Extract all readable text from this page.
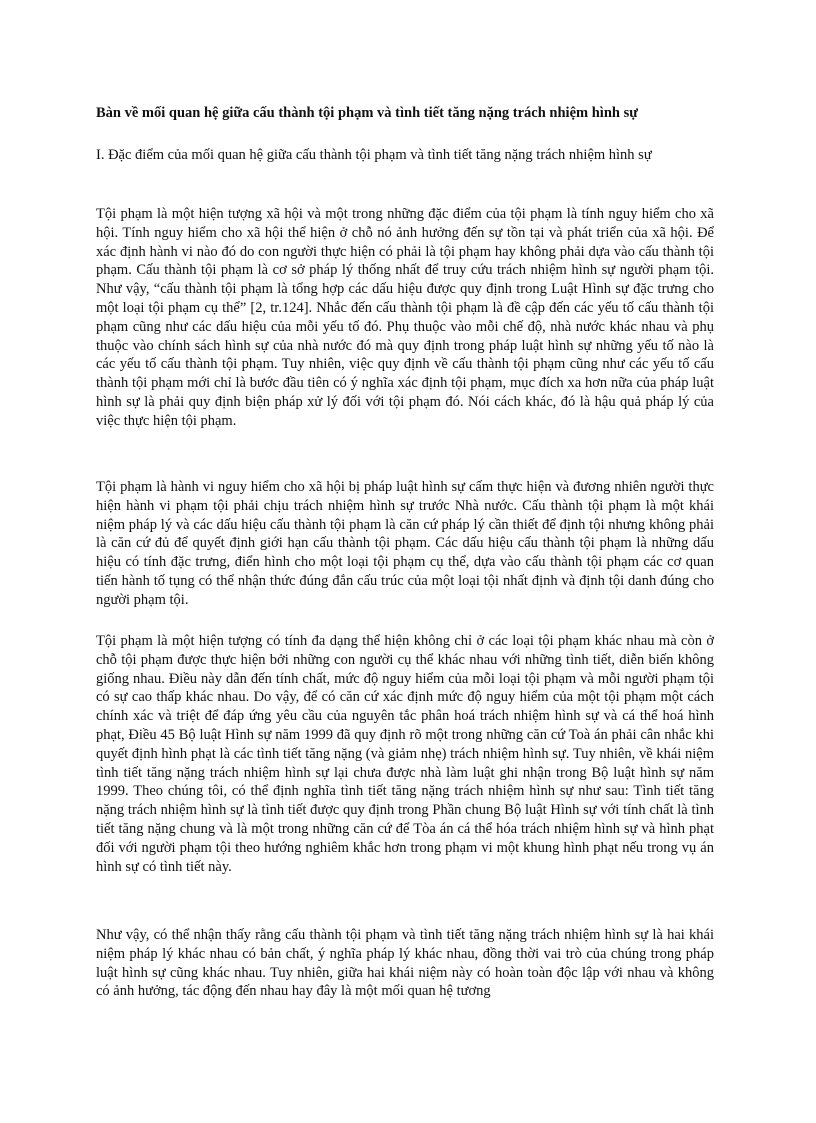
Bàn về mối quan hệ giữa cấu thành tội phạm và tình tiết tăng nặng trách nhiệm hình sự
I. Đặc điểm của mối quan hệ giữa cấu thành tội phạm và tình tiết tăng nặng trách nhiệm hình sự

Tội phạm là một hiện tượng xã hội và một trong những đặc điểm của tội phạm là tính nguy hiểm cho xã hội. Tính nguy hiểm cho xã hội thể hiện ở chỗ nó ảnh hưởng đến sự tồn tại và phát triển của xã hội. Để xác định hành vi nào đó do con người thực hiện có phải là tội phạm hay không phải dựa vào cấu thành tội phạm. Cấu thành tội phạm là cơ sở pháp lý thống nhất để truy cứu trách nhiệm hình sự người phạm tội. Như vậy, “cấu thành tội phạm là tổng hợp các dấu hiệu được quy định trong Luật Hình sự đặc trưng cho một loại tội phạm cụ thể” [2, tr.124]. Nhắc đến cấu thành tội phạm là đề cập đến các yếu tố cấu thành tội phạm cũng như các dấu hiệu của mỗi yếu tố đó. Phụ thuộc vào mỗi chế độ, nhà nước khác nhau và phụ thuộc vào chính sách hình sự của nhà nước đó mà quy định trong pháp luật hình sự những yếu tố nào là các yếu tố cấu thành tội phạm. Tuy nhiên, việc quy định về cấu thành tội phạm cũng như các yếu tố cấu thành tội phạm mới chỉ là bước đầu tiên có ý nghĩa xác định tội phạm, mục đích xa hơn nữa của pháp luật hình sự là phải quy định biện pháp xử lý đối với tội phạm đó. Nói cách khác, đó là hậu quả pháp lý của việc thực hiện tội phạm.

Tội phạm là hành vi nguy hiểm cho xã hội bị pháp luật hình sự cấm thực hiện và đương nhiên người thực hiện hành vi phạm tội phải chịu trách nhiệm hình sự trước Nhà nước. Cấu thành tội phạm là một khái niệm pháp lý và các dấu hiệu cấu thành tội phạm là căn cứ pháp lý cần thiết để định tội nhưng không phải là căn cứ đủ để quyết định giới hạn cấu thành tội phạm. Các dấu hiệu cấu thành tội phạm là những dấu hiệu có tính đặc trưng, điển hình cho một loại tội phạm cụ thể, dựa vào cấu thành tội phạm các cơ quan tiến hành tố tụng có thể nhận thức đúng đắn cấu trúc của một loại tội nhất định và định tội danh đúng cho người phạm tội.

Tội phạm là một hiện tượng có tính đa dạng thể hiện không chỉ ở các loại tội phạm khác nhau mà còn ở chỗ tội phạm được thực hiện bởi những con người cụ thể khác nhau với những tình tiết, diễn biến không giống nhau. Điều này dẫn đến tính chất, mức độ nguy hiểm của mỗi loại tội phạm và mỗi người phạm tội có sự cao thấp khác nhau. Do vậy, để có căn cứ xác định mức độ nguy hiểm của một tội phạm một cách chính xác và triệt để đáp ứng yêu cầu của nguyên tắc phân hoá trách nhiệm hình sự và cá thể hoá hình phạt, Điều 45 Bộ luật Hình sự năm 1999 đã quy định rõ một trong những căn cứ Toà án phải cân nhắc khi quyết định hình phạt là các tình tiết tăng nặng (và giảm nhẹ) trách nhiệm hình sự. Tuy nhiên, về khái niệm tình tiết tăng nặng trách nhiệm hình sự lại chưa được nhà làm luật ghi nhận trong Bộ luật hình sự năm 1999. Theo chúng tôi, có thể định nghĩa tình tiết tăng nặng trách nhiệm hình sự như sau: Tình tiết tăng nặng trách nhiệm hình sự là tình tiết được quy định trong Phần chung Bộ luật Hình sự với tính chất là tình tiết tăng nặng chung và là một trong những căn cứ để Tòa án cá thể hóa trách nhiệm hình sự và hình phạt đối với người phạm tội theo hướng nghiêm khắc hơn trong phạm vi một khung hình phạt nếu trong vụ án hình sự có tình tiết này.

Như vậy, có thể nhận thấy rằng cấu thành tội phạm và tình tiết tăng nặng trách nhiệm hình sự là hai khái niệm pháp lý khác nhau có bản chất, ý nghĩa pháp lý khác nhau, đồng thời vai trò của chúng trong pháp luật hình sự cũng khác nhau. Tuy nhiên, giữa hai khái niệm này có hoàn toàn độc lập với nhau và không có ảnh hưởng, tác động đến nhau hay đây là một mối quan hệ tương
